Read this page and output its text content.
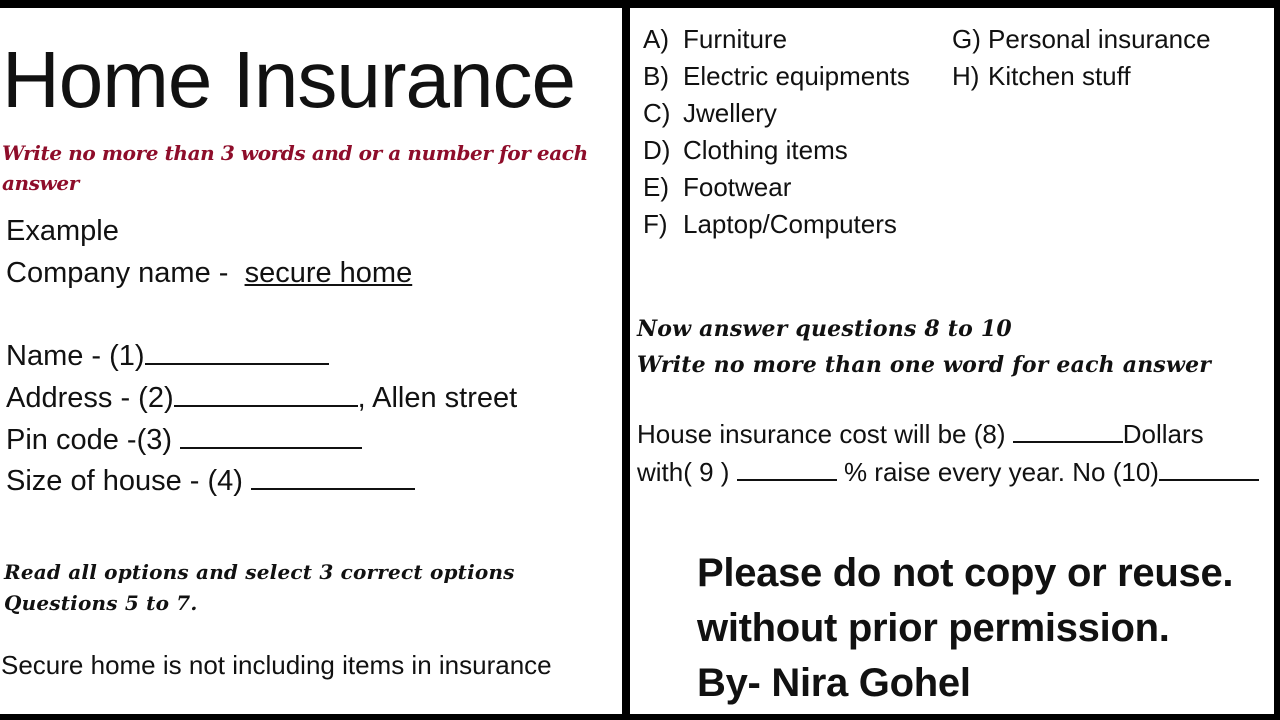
Home Insurance
Write no more than 3 words and or a number for each answer
Example
Company name - secure home
Name - (1)
Address - (2)	, Allen street
Pin code -(3)
Size of house - (4)
Read all options and select 3 correct options
Questions 5 to 7.
Secure home is not including items in insurance
A) Furniture
B) Electric equipments
C) Jwellery
D) Clothing items
E) Footwear
F) Laptop/Computers
G) Personal insurance
H) Kitchen stuff
Now answer questions 8 to 10
Write no more than one word for each answer
House insurance cost will be (8)	Dollars
with( 9 )	% raise every year. No (10)
Please do not copy or reuse.
without prior permission.
By- Nira Gohel
